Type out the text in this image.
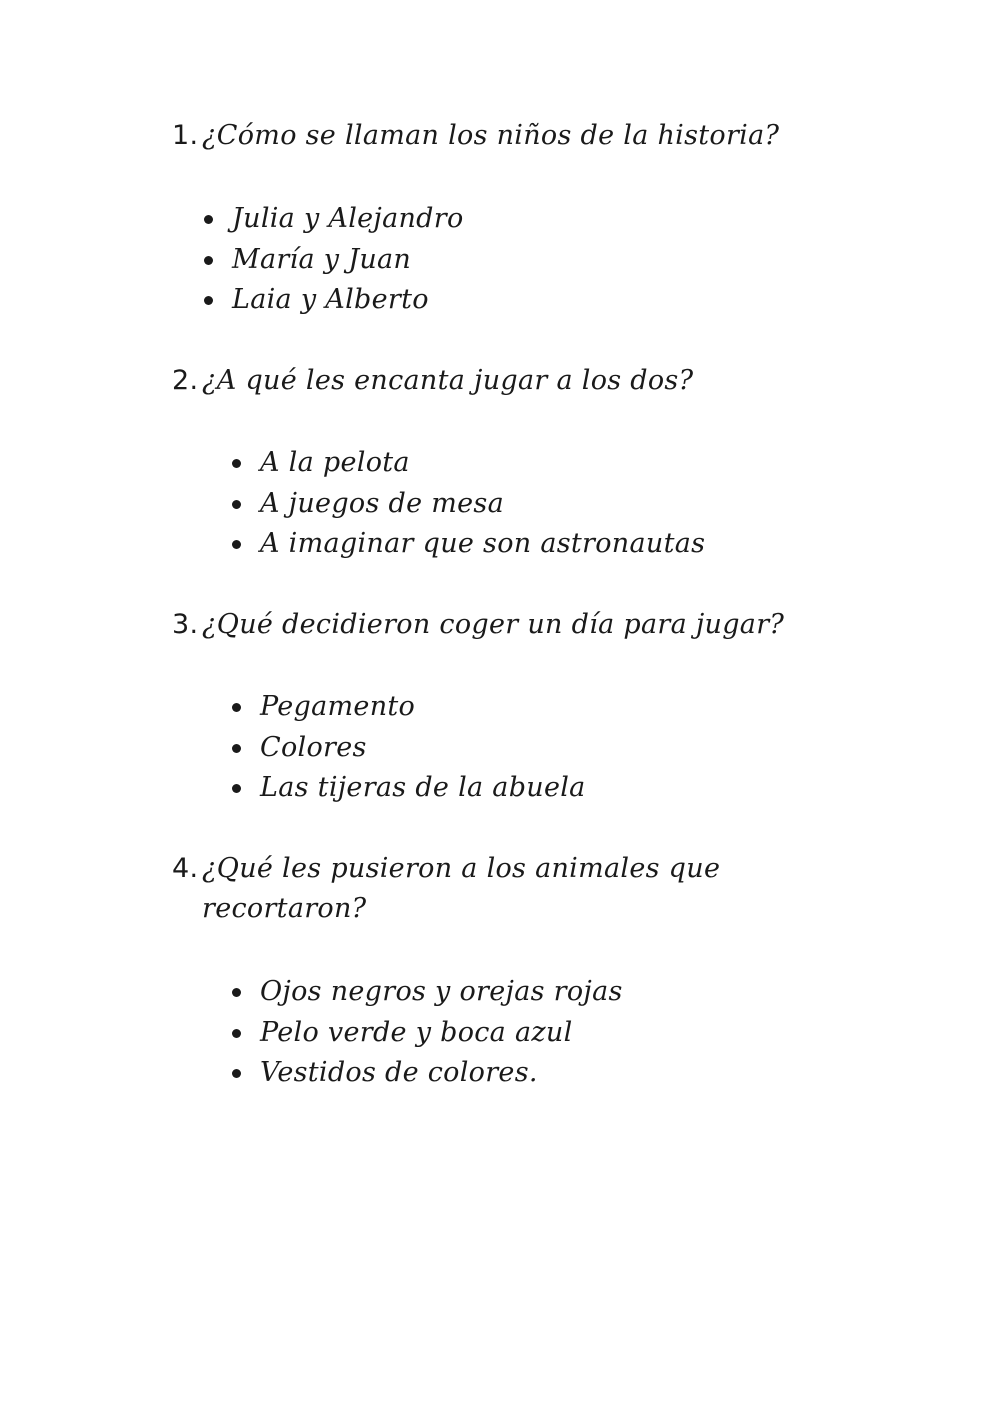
1. ¿Cómo se llaman los niños de la historia?
Julia y Alejandro
María y Juan
Laia y Alberto
2. ¿A qué les encanta jugar a los dos?
A la pelota
A juegos de mesa
A imaginar que son astronautas
3. ¿Qué decidieron coger un día para jugar?
Pegamento
Colores
Las tijeras de la abuela
4. ¿Qué les pusieron a los animales que
recortaron?
Ojos negros y orejas rojas
Pelo verde y boca azul
Vestidos de colores.
